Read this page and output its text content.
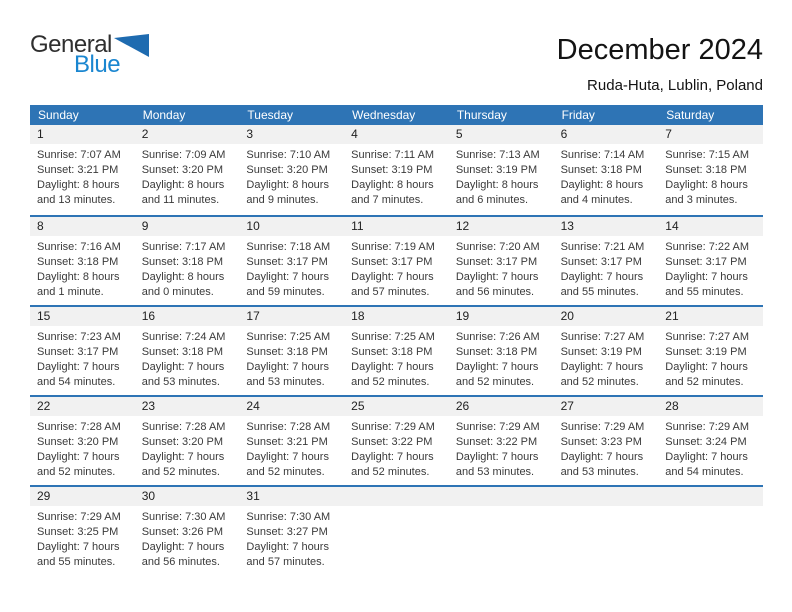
General
Blue	December 2024
Ruda-Huta, Lublin, Poland
Sunday	Monday	Tuesday	Wednesday	Thursday	Friday	Saturday
1	2	3	4	5	6	7
Sunrise: 7:07 AM
Sunset: 3:21 PM
Daylight: 8 hours and 13 minutes.
Sunrise: 7:09 AM
Sunset: 3:20 PM
Daylight: 8 hours and 11 minutes.
Sunrise: 7:10 AM
Sunset: 3:20 PM
Daylight: 8 hours and 9 minutes.
Sunrise: 7:11 AM
Sunset: 3:19 PM
Daylight: 8 hours and 7 minutes.
Sunrise: 7:13 AM
Sunset: 3:19 PM
Daylight: 8 hours and 6 minutes.
Sunrise: 7:14 AM
Sunset: 3:18 PM
Daylight: 8 hours and 4 minutes.
Sunrise: 7:15 AM
Sunset: 3:18 PM
Daylight: 8 hours and 3 minutes.
8	9	10	11	12	13	14
Sunrise: 7:16 AM
Sunset: 3:18 PM
Daylight: 8 hours and 1 minute.
Sunrise: 7:17 AM
Sunset: 3:18 PM
Daylight: 8 hours and 0 minutes.
Sunrise: 7:18 AM
Sunset: 3:17 PM
Daylight: 7 hours and 59 minutes.
Sunrise: 7:19 AM
Sunset: 3:17 PM
Daylight: 7 hours and 57 minutes.
Sunrise: 7:20 AM
Sunset: 3:17 PM
Daylight: 7 hours and 56 minutes.
Sunrise: 7:21 AM
Sunset: 3:17 PM
Daylight: 7 hours and 55 minutes.
Sunrise: 7:22 AM
Sunset: 3:17 PM
Daylight: 7 hours and 55 minutes.
15	16	17	18	19	20	21
Sunrise: 7:23 AM
Sunset: 3:17 PM
Daylight: 7 hours and 54 minutes.
Sunrise: 7:24 AM
Sunset: 3:18 PM
Daylight: 7 hours and 53 minutes.
Sunrise: 7:25 AM
Sunset: 3:18 PM
Daylight: 7 hours and 53 minutes.
Sunrise: 7:25 AM
Sunset: 3:18 PM
Daylight: 7 hours and 52 minutes.
Sunrise: 7:26 AM
Sunset: 3:18 PM
Daylight: 7 hours and 52 minutes.
Sunrise: 7:27 AM
Sunset: 3:19 PM
Daylight: 7 hours and 52 minutes.
Sunrise: 7:27 AM
Sunset: 3:19 PM
Daylight: 7 hours and 52 minutes.
22	23	24	25	26	27	28
Sunrise: 7:28 AM
Sunset: 3:20 PM
Daylight: 7 hours and 52 minutes.
Sunrise: 7:28 AM
Sunset: 3:20 PM
Daylight: 7 hours and 52 minutes.
Sunrise: 7:28 AM
Sunset: 3:21 PM
Daylight: 7 hours and 52 minutes.
Sunrise: 7:29 AM
Sunset: 3:22 PM
Daylight: 7 hours and 52 minutes.
Sunrise: 7:29 AM
Sunset: 3:22 PM
Daylight: 7 hours and 53 minutes.
Sunrise: 7:29 AM
Sunset: 3:23 PM
Daylight: 7 hours and 53 minutes.
Sunrise: 7:29 AM
Sunset: 3:24 PM
Daylight: 7 hours and 54 minutes.
29	30	31
Sunrise: 7:29 AM
Sunset: 3:25 PM
Daylight: 7 hours and 55 minutes.
Sunrise: 7:30 AM
Sunset: 3:26 PM
Daylight: 7 hours and 56 minutes.
Sunrise: 7:30 AM
Sunset: 3:27 PM
Daylight: 7 hours and 57 minutes.
